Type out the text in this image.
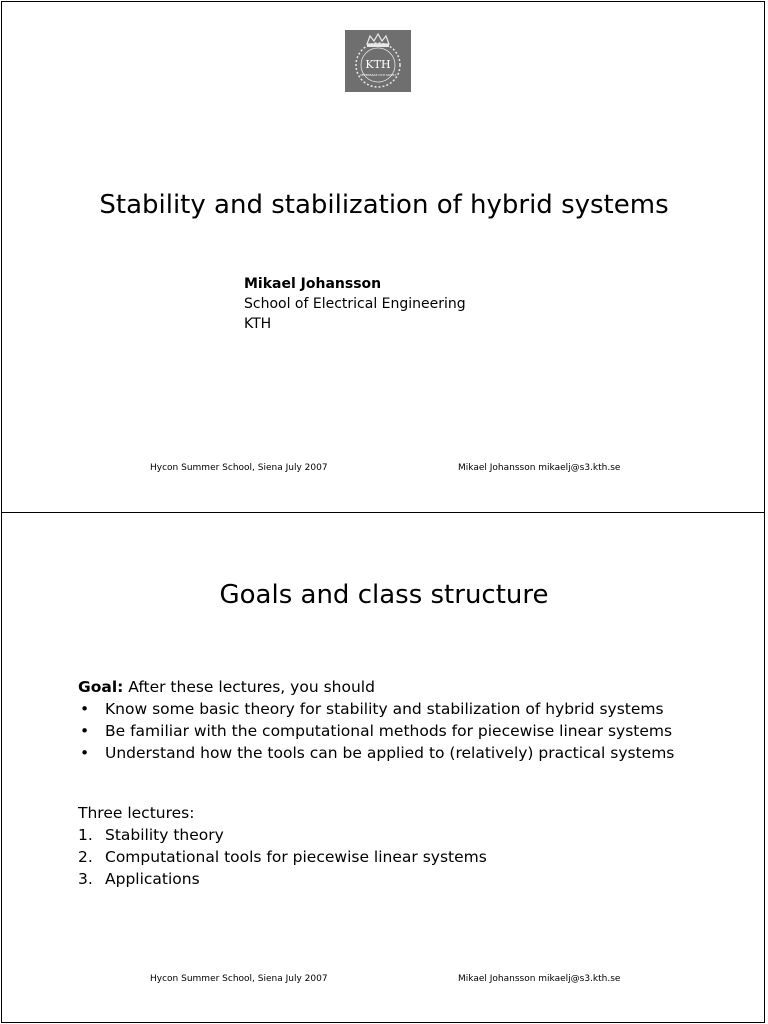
KTH
VETENSKAP OCH KONST
Stability and stabilization of hybrid systems
Mikael Johansson
School of Electrical Engineering
KTH
Hycon Summer School, Siena July 2007	Mikael Johansson mikaelj@s3.kth.se
Goals and class structure
Goal: After these lectures, you should
• Know some basic theory for stability and stabilization of hybrid systems
• Be familiar with the computational methods for piecewise linear systems
• Understand how the tools can be applied to (relatively) practical systems
Three lectures:
1. Stability theory
2. Computational tools for piecewise linear systems
3. Applications
Hycon Summer School, Siena July 2007	Mikael Johansson mikaelj@s3.kth.se
